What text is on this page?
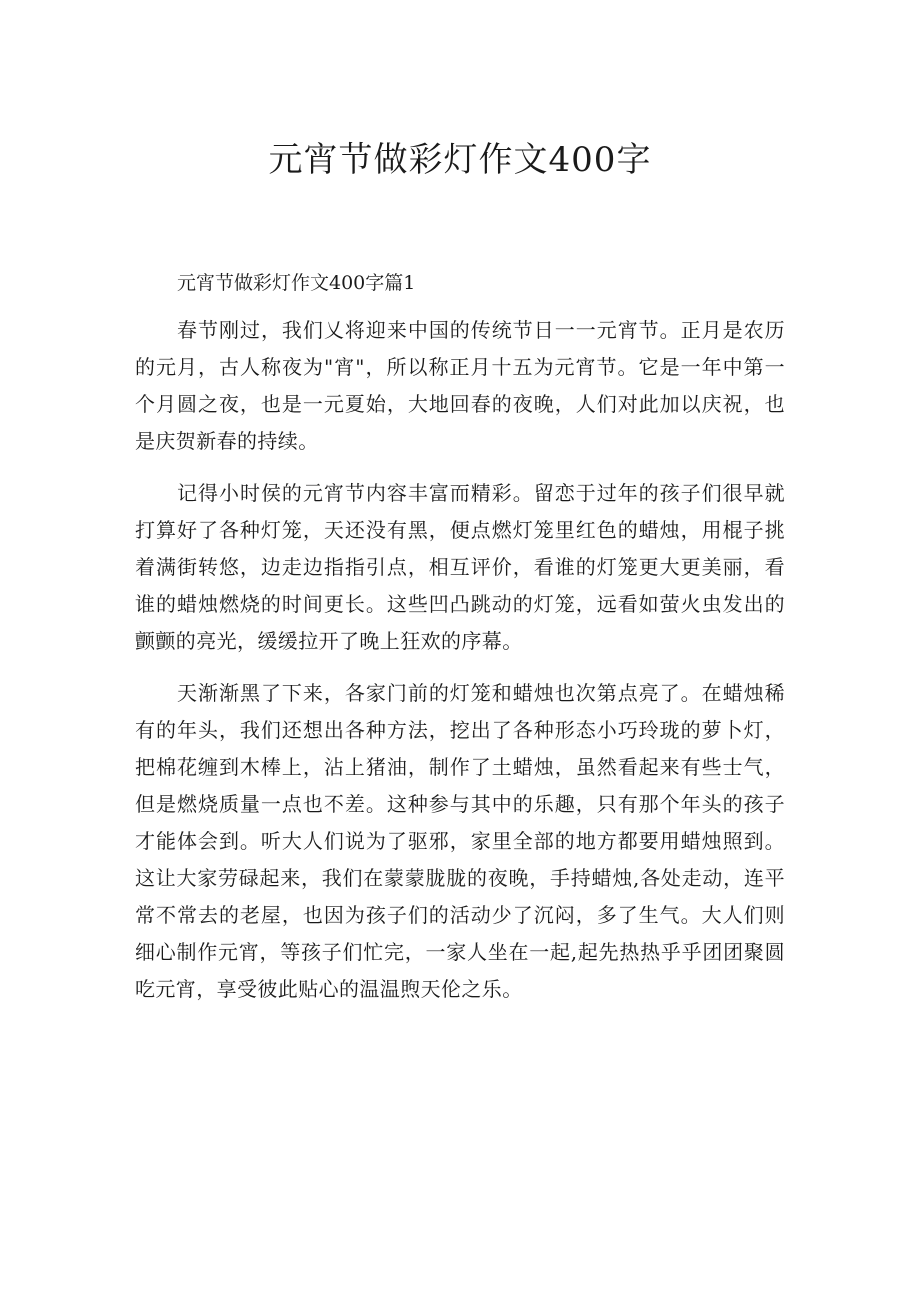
元宵节做彩灯作文400字

元宵节做彩灯作文400字篇1

春节刚过，我们乂将迎来中国的传统节日一一元宵节。正月是农历的元月，古人称夜为"宵"，所以称正月十五为元宵节。它是一年中第一个月圆之夜，也是一元夏始，大地回春的夜晚，人们对此加以庆祝，也是庆贺新春的持续。

记得小时侯的元宵节内容丰富而精彩。留恋于过年的孩子们很早就打算好了各种灯笼，天还没有黑，便点燃灯笼里红色的蜡烛，用棍子挑着满街转悠，边走边指指引点，相互评价，看谁的灯笼更大更美丽，看谁的蜡烛燃烧的时间更长。这些凹凸跳动的灯笼，远看如萤火虫发出的颤颤的亮光，缓缓拉开了晚上狂欢的序幕。

天渐渐黑了下来，各家门前的灯笼和蜡烛也次第点亮了。在蜡烛稀有的年头，我们还想出各种方法，挖出了各种形态小巧玲珑的萝卜灯，把棉花缠到木棒上，沾上猪油，制作了土蜡烛，虽然看起来有些士气，但是燃烧质量一点也不差。这种参与其中的乐趣，只有那个年头的孩子才能体会到。听大人们说为了驱邪，家里全部的地方都要用蜡烛照到。这让大家劳碌起来，我们在蒙蒙胧胧的夜晚，手持蜡烛,各处走动，连平常不常去的老屋，也因为孩子们的活动少了沉闷，多了生气。大人们则细心制作元宵，等孩子们忙完，一家人坐在一起,起先热热乎乎团团聚圆吃元宵，享受彼此贴心的温温煦天伦之乐。
